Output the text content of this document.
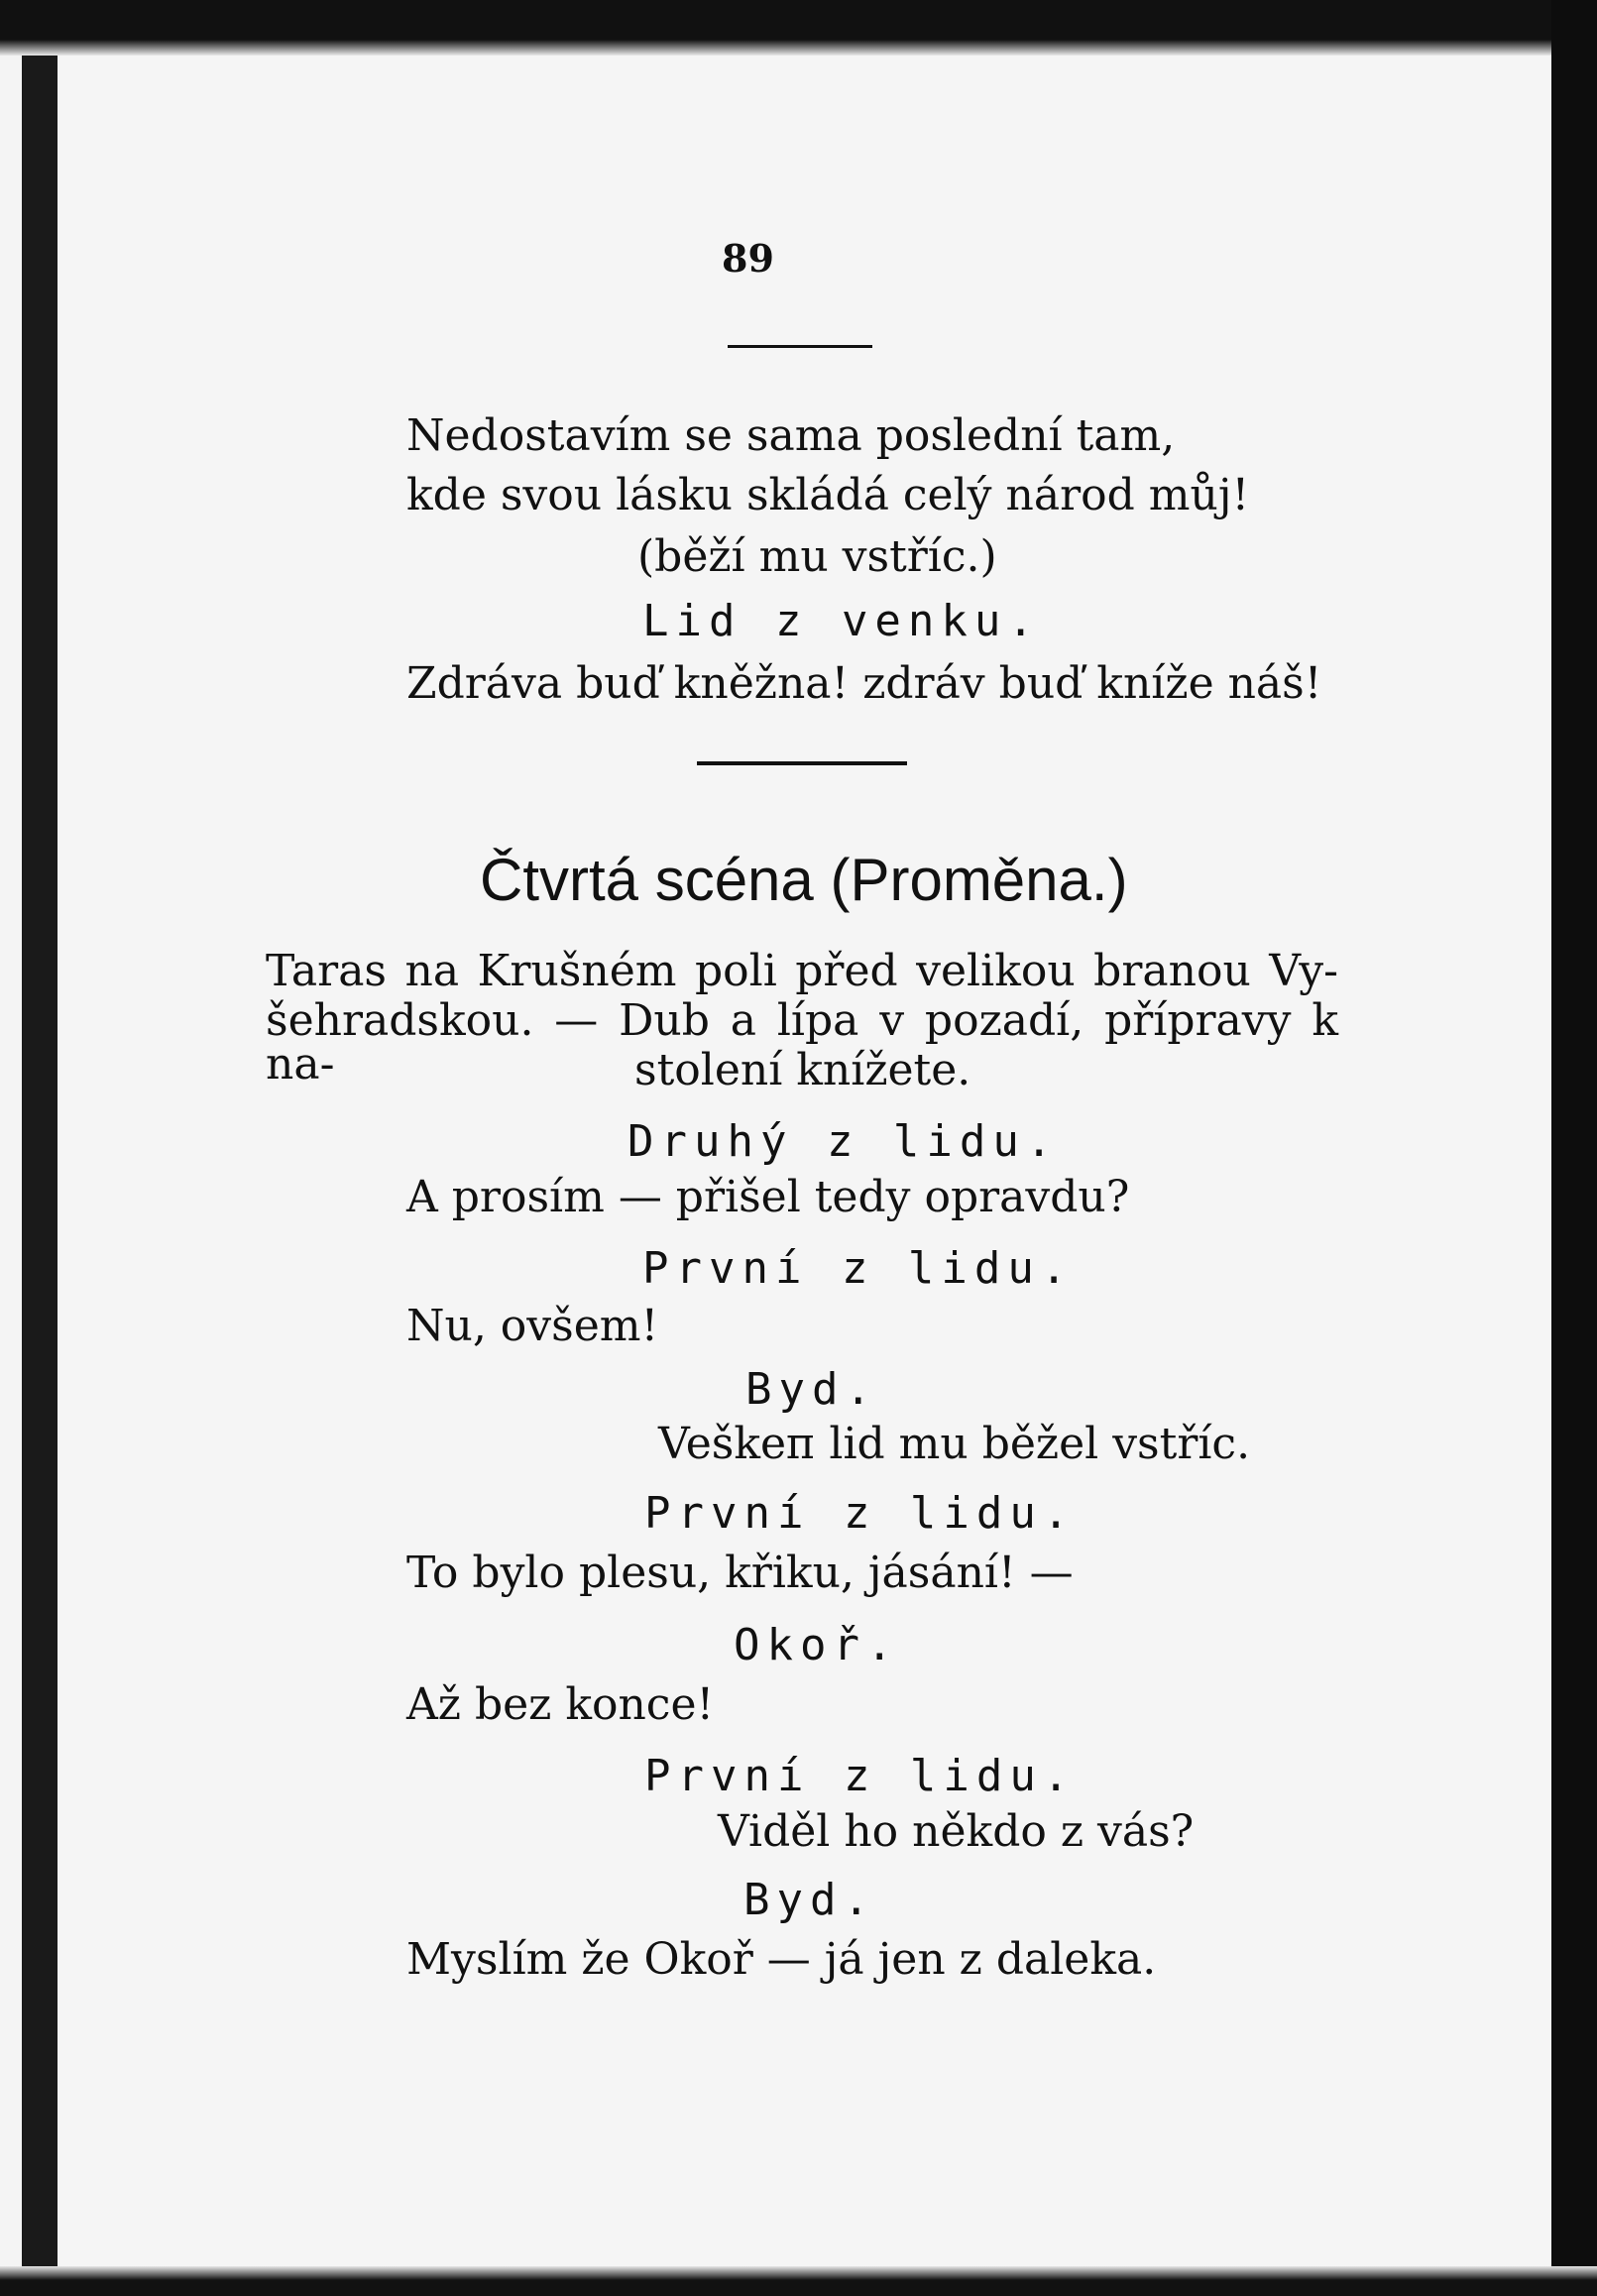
89
Nedostavím se sama poslední tam,
kde svou lásku skládá celý národ můj!
(běží mu vstříc.)
Lid z venku.
Zdráva buď kněžna! zdráv buď kníže náš!
Čtvrtá scéna (Proměna.)
Taras na Krušném poli před velikou branou Vy-
šehradskou. — Dub a lípa v pozadí, přípravy k na-	stolení knížete.
Druhý z lidu.
A prosím — přišel tedy opravdu?
První z lidu.
Nu, ovšem!
Byd.
Veškeп lid mu běžel vstříc.
První z lidu.
To bylo plesu, křiku, jásání! —
Okoř.
Až bez konce!
První z lidu.
Viděl ho někdo z vás?
Byd.
Myslím že Okoř — já jen z daleka.
